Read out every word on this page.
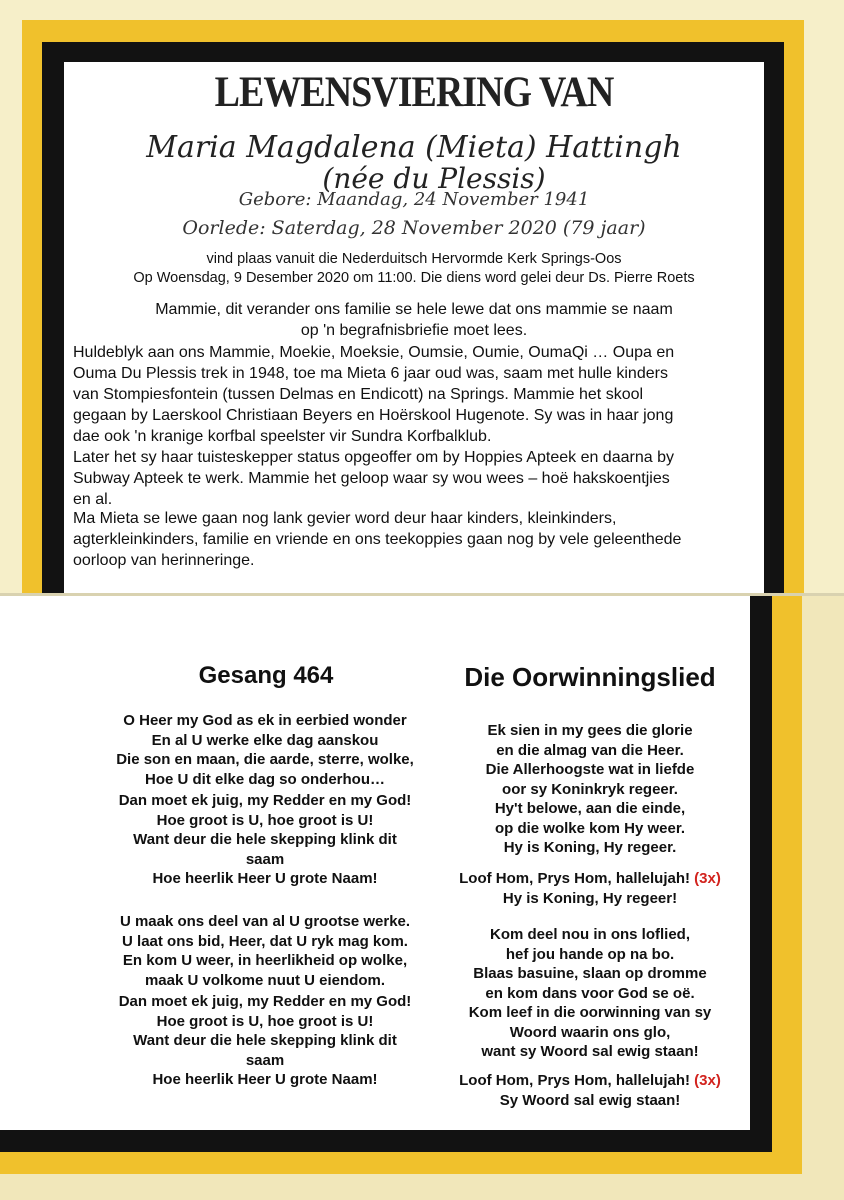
LEWENSVIERING VAN
Maria Magdalena (Mieta) Hattingh
(née du Plessis)
Gebore: Maandag, 24 November 1941
Oorlede: Saterdag, 28 November 2020 (79 jaar)
vind plaas vanuit die Nederduitsch Hervormde Kerk Springs-Oos
Op Woensdag, 9 Desember 2020 om 11:00. Die diens word gelei deur Ds. Pierre Roets
Mammie, dit verander ons familie se hele lewe dat ons mammie se naam
op 'n begrafnisbriefie moet lees.
Huldeblyk aan ons Mammie, Moekie, Moeksie, Oumsie, Oumie, OumaQi … Oupa en
Ouma Du Plessis trek in 1948, toe ma Mieta 6 jaar oud was, saam met hulle kinders
van Stompiesfontein (tussen Delmas en Endicott) na Springs. Mammie het skool
gegaan by Laerskool Christiaan Beyers en Hoërskool Hugenote. Sy was in haar jong
dae ook 'n kranige korfbal speelster vir Sundra Korfbalklub.
Later het sy haar tuisteskepper status opgeoffer om by Hoppies Apteek en daarna by
Subway Apteek te werk. Mammie het geloop waar sy wou wees – hoë hakskoentjies
en al.
Ma Mieta se lewe gaan nog lank gevier word deur haar kinders, kleinkinders,
agterkleinkinders, familie en vriende en ons teekoppies gaan nog by vele geleenthede
oorloop van herinneringe.
Gesang 464	Die Oorwinningslied
O Heer my God as ek in eerbied wonder
En al U werke elke dag aanskou
Die son en maan, die aarde, sterre, wolke,
Hoe U dit elke dag so onderhou…
Dan moet ek juig, my Redder en my God!
Hoe groot is U, hoe groot is U!
Want deur die hele skepping klink dit
saam
Hoe heerlik Heer U grote Naam!
U maak ons deel van al U grootse werke.
U laat ons bid, Heer, dat U ryk mag kom.
En kom U weer, in heerlikheid op wolke,
maak U volkome nuut U eiendom.
Dan moet ek juig, my Redder en my God!
Hoe groot is U, hoe groot is U!
Want deur die hele skepping klink dit
saam
Hoe heerlik Heer U grote Naam!
Ek sien in my gees die glorie
en die almag van die Heer.
Die Allerhoogste wat in liefde
oor sy Koninkryk regeer.
Hy't belowe, aan die einde,
op die wolke kom Hy weer.
Hy is Koning, Hy regeer.
Loof Hom, Prys Hom, hallelujah! (3x)
Hy is Koning, Hy regeer!
Kom deel nou in ons loflied,
hef jou hande op na bo.
Blaas basuine, slaan op dromme
en kom dans voor God se oë.
Kom leef in die oorwinning van sy
Woord waarin ons glo,
want sy Woord sal ewig staan!
Loof Hom, Prys Hom, hallelujah! (3x)
Sy Woord sal ewig staan!
